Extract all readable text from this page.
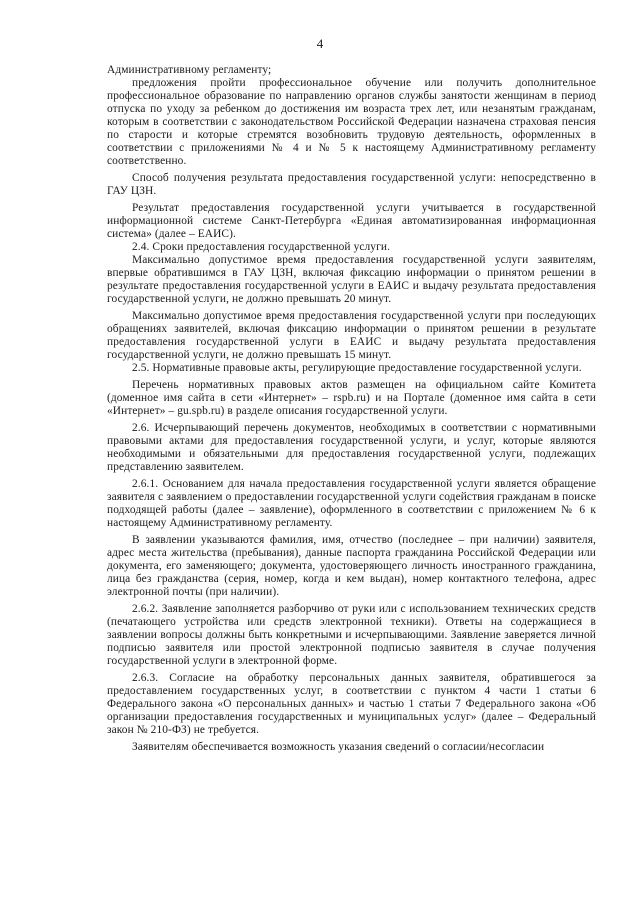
4

Административному регламенту;

предложения пройти профессиональное обучение или получить дополнительное профессиональное образование по направлению органов службы занятости женщинам в период отпуска по уходу за ребенком до достижения им возраста трех лет, или незанятым гражданам, которым в соответствии с законодательством Российской Федерации назначена страховая пенсия по старости и которые стремятся возобновить трудовую деятельность, оформленных в соответствии с приложениями № 4 и № 5 к настоящему Административному регламенту соответственно.

Способ получения результата предоставления государственной услуги: непосредственно в ГАУ ЦЗН.

Результат предоставления государственной услуги учитывается в государственной информационной системе Санкт-Петербурга «Единая автоматизированная информационная система» (далее – ЕАИС).

2.4. Сроки предоставления государственной услуги.

Максимально допустимое время предоставления государственной услуги заявителям, впервые обратившимся в ГАУ ЦЗН, включая фиксацию информации о принятом решении в результате предоставления государственной услуги в ЕАИС и выдачу результата предоставления государственной услуги, не должно превышать 20 минут.

Максимально допустимое время предоставления государственной услуги при последующих обращениях заявителей, включая фиксацию информации о принятом решении в результате предоставления государственной услуги в ЕАИС и выдачу результата предоставления государственной услуги, не должно превышать 15 минут.

2.5. Нормативные правовые акты, регулирующие предоставление государственной услуги.

Перечень нормативных правовых актов размещен на официальном сайте Комитета (доменное имя сайта в сети «Интернет» – rspb.ru) и на Портале (доменное имя сайта в сети «Интернет» – gu.spb.ru) в разделе описания государственной услуги.

2.6. Исчерпывающий перечень документов, необходимых в соответствии с нормативными правовыми актами для предоставления государственной услуги, и услуг, которые являются необходимыми и обязательными для предоставления государственной услуги, подлежащих представлению заявителем.

2.6.1. Основанием для начала предоставления государственной услуги является обращение заявителя с заявлением о предоставлении государственной услуги содействия гражданам в поиске подходящей работы (далее – заявление), оформленного в соответствии с приложением № 6 к настоящему Административному регламенту.

В заявлении указываются фамилия, имя, отчество (последнее – при наличии) заявителя, адрес места жительства (пребывания), данные паспорта гражданина Российской Федерации или документа, его заменяющего; документа, удостоверяющего личность иностранного гражданина, лица без гражданства (серия, номер, когда и кем выдан), номер контактного телефона, адрес электронной почты (при наличии).

2.6.2. Заявление заполняется разборчиво от руки или с использованием технических средств (печатающего устройства или средств электронной техники). Ответы на содержащиеся в заявлении вопросы должны быть конкретными и исчерпывающими. Заявление заверяется личной подписью заявителя или простой электронной подписью заявителя в случае получения государственной услуги в электронной форме.

2.6.3. Согласие на обработку персональных данных заявителя, обратившегося за предоставлением государственных услуг, в соответствии с пунктом 4 части 1 статьи 6 Федерального закона «О персональных данных» и частью 1 статьи 7 Федерального закона «Об организации предоставления государственных и муниципальных услуг» (далее – Федеральный закон № 210-ФЗ) не требуется.

Заявителям обеспечивается возможность указания сведений о согласии/несогласии
